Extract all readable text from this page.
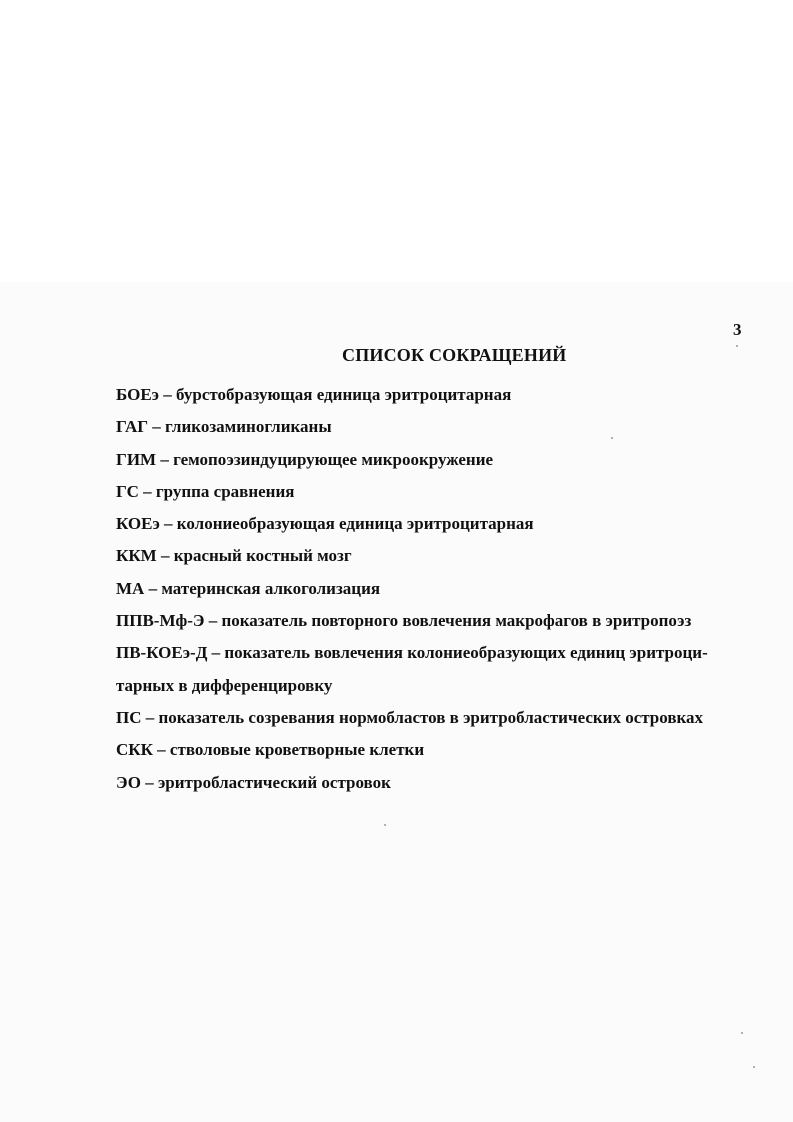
3
СПИСОК СОКРАЩЕНИЙ
БОЕэ – бурстобразующая единица эритроцитарная
ГАГ – гликозаминогликаны
ГИМ – гемопоэзиндуцирующее микроокружение
ГС – группа сравнения
КОЕэ – колониеобразующая единица эритроцитарная
ККМ – красный костный мозг
МА – материнская алкоголизация
ППВ-Мф-Э – показатель повторного вовлечения макрофагов в эритропоэз
ПВ-КОЕэ-Д – показатель вовлечения колониеобразующих единиц эритроци-тарных в дифференцировку
ПС – показатель созревания нормобластов в эритробластических островках
СКК – стволовые кроветворные клетки
ЭО – эритробластический островок
